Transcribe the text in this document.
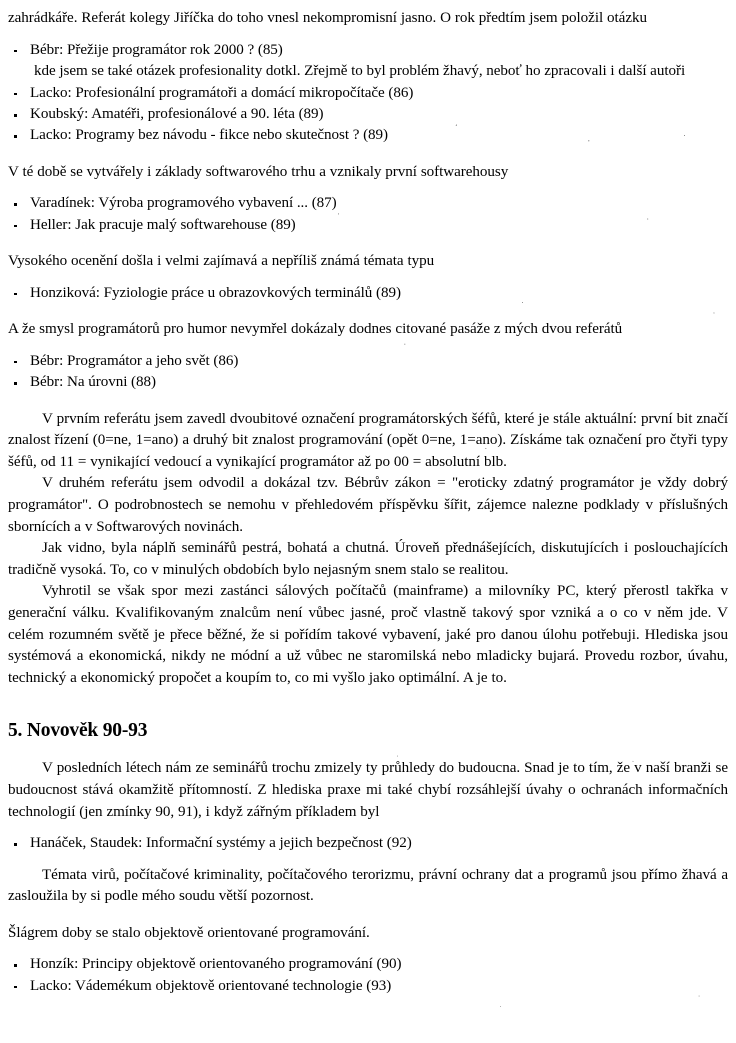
zahrádkáře. Referát kolegy Jiříčka do toho vnesl nekompromisní jasno. O rok předtím jsem položil otázku

Bébr: Přežije programátor rok 2000 ? (85)

kde jsem se také otázek profesionality dotkl. Zřejmě to byl problém žhavý, neboť ho zpracovali i další autoři

Lacko: Profesionální programátoři a domácí mikropočítače (86)
Koubský: Amatéři, profesionálové a 90. léta (89)
Lacko: Programy bez návodu - fikce nebo skutečnost ? (89)

V té době se vytvářely i základy softwarového trhu a vznikaly první softwarehousy

Varadínek: Výroba programového vybavení ... (87)
Heller: Jak pracuje malý softwarehouse (89)

Vysokého ocenění došla i velmi zajímavá a nepříliš známá témata typu

Honziková: Fyziologie práce u obrazovkových terminálů (89)

A že smysl programátorů pro humor nevymřel dokázaly dodnes citované pasáže z mých dvou referátů

Bébr: Programátor a jeho svět (86)
Bébr: Na úrovni (88)

V prvním referátu jsem zavedl dvoubitové označení programátorských šéfů, které je stále aktuální: první bit značí znalost řízení (0=ne, 1=ano) a druhý bit znalost programování (opět 0=ne, 1=ano). Získáme tak označení pro čtyři typy šéfů, od 11 = vynikající vedoucí a vynikající programátor až po 00 = absolutní blb.

V druhém referátu jsem odvodil a dokázal tzv. Bébrův zákon = "eroticky zdatný programátor je vždy dobrý programátor". O podrobnostech se nemohu v přehledovém příspěvku šířit, zájemce nalezne podklady v příslušných sbornících a v Softwarových novinách.

Jak vidno, byla náplň seminářů pestrá, bohatá a chutná. Úroveň přednášejících, diskutujících i poslouchajících tradičně vysoká. To, co v minulých obdobích bylo nejasným snem stalo se realitou.

Vyhrotil se však spor mezi zastánci sálových počítačů (mainframe) a milovníky PC, který přerostl takřka v generační válku. Kvalifikovaným znalcům není vůbec jasné, proč vlastně takový spor vzniká a o co v něm jde. V celém rozumném světě je přece běžné, že si pořídím takové vybavení, jaké pro danou úlohu potřebuji. Hlediska jsou systémová a ekonomická, nikdy ne módní a už vůbec ne staromilská nebo mladicky bujará. Provedu rozbor, úvahu, technický a ekonomický propočet a koupím to, co mi vyšlo jako optimální. A je to.

5. Novověk 90-93

V posledních létech nám ze seminářů trochu zmizely ty průhledy do budoucna. Snad je to tím, že v naší branži se budoucnost stává okamžitě přítomností. Z hlediska praxe mi také chybí rozsáhlejší úvahy o ochranách informačních technologií (jen zmínky 90, 91), i když zářným příkladem byl

Hanáček, Staudek: Informační systémy a jejich bezpečnost (92)

Témata virů, počítačové kriminality, počítačového terorizmu, právní ochrany dat a programů jsou přímo žhavá a zasloužila by si podle mého soudu větší pozornost.

Šlágrem doby se stalo objektově orientované programování.

Honzík: Principy objektově orientovaného programování (90)
Lacko: Vádemékum objektově orientované technologie (93)
